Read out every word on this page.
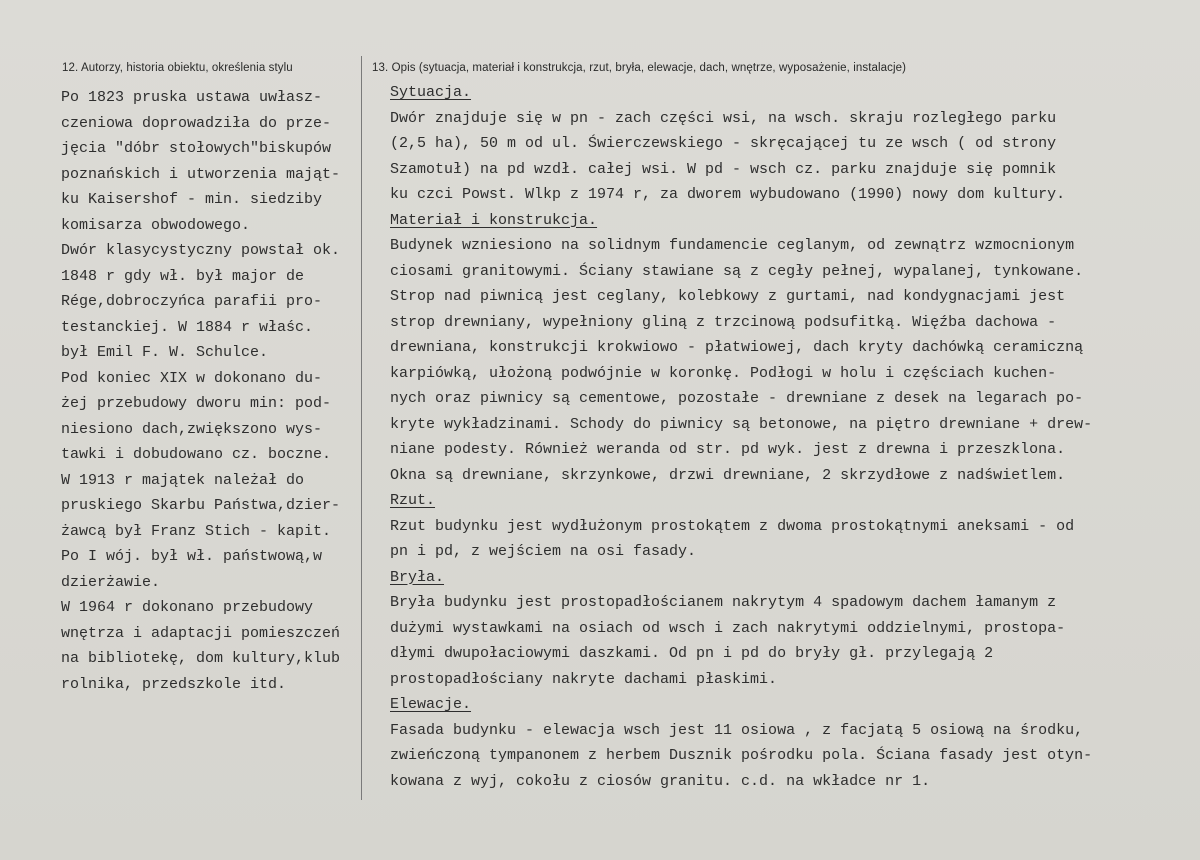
12. Autorzy, historia obiektu, określenia stylu	13. Opis (sytuacja, materiał i konstrukcja, rzut, bryła, elewacje, dach, wnętrze, wyposażenie, instalacje)
Po 1823 pruska ustawa uwłasz-
czeniowa doprowadziła do prze-
jęcia "dóbr stołowych"biskupów
poznańskich i utworzenia mająt-
ku Kaisershof - min. siedziby
komisarza obwodowego.
Dwór klasycystyczny powstał ok.
1848 r gdy wł. był major de
Rége,dobroczyńca parafii pro-
testanckiej. W 1884 r właśc.
był Emil F. W. Schulce.
Pod koniec XIX w dokonano du-
żej przebudowy dworu min: pod-
niesiono dach,zwiększono wys-
tawki i dobudowano cz. boczne.
W 1913 r majątek należał do
pruskiego Skarbu Państwa,dzier-
żawcą był Franz Stich - kapit.
Po I wój. był wł. państwową,w
dzierżawie.
W 1964 r dokonano przebudowy
wnętrza i adaptacji pomieszczeń
na bibliotekę, dom kultury,klub
rolnika, przedszkole itd.
Sytuacja.
Dwór znajduje się w pn - zach części wsi, na wsch. skraju rozległego parku
(2,5 ha), 50 m od ul. Świerczewskiego - skręcającej tu ze wsch ( od strony
Szamotuł) na pd wzdł. całej wsi. W pd - wsch cz. parku znajduje się pomnik
ku czci Powst. Wlkp z 1974 r, za dworem wybudowano (1990) nowy dom kultury.
Materiał i konstrukcja.
Budynek wzniesiono na solidnym fundamencie ceglanym, od zewnątrz wzmocnionym
ciosami granitowymi. Ściany stawiane są z cegły pełnej, wypalanej, tynkowane.
Strop nad piwnicą jest ceglany, kolebkowy z gurtami, nad kondygnacjami jest
strop drewniany, wypełniony gliną z trzcinową podsufitką. Więźba dachowa -
drewniana, konstrukcji krokwiowo - płatwiowej, dach kryty dachówką ceramiczną
karpiówką, ułożoną podwójnie w koronkę. Podłogi w holu i częściach kuchen-
nych oraz piwnicy są cementowe, pozostałe - drewniane z desek na legarach po-
kryte wykładzinami. Schody do piwnicy są betonowe, na piętro drewniane + drew-
niane podesty. Również weranda od str. pd wyk. jest z drewna i przeszklona.
Okna są drewniane, skrzynkowe, drzwi drewniane, 2 skrzydłowe z nadświetlem.
Rzut.
Rzut budynku jest wydłużonym prostokątem z dwoma prostokątnymi aneksami - od
pn i pd, z wejściem na osi fasady.
Bryła.
Bryła budynku jest prostopadłościanem nakrytym 4 spadowym dachem łamanym z
dużymi wystawkami na osiach od wsch i zach nakrytymi oddzielnymi, prostopa-
dłymi dwupołaciowymi daszkami. Od pn i pd do bryły gł. przylegają 2
prostopadłościany nakryte dachami płaskimi.
Elewacje.
Fasada budynku - elewacja wsch jest 11 osiowa , z facjatą 5 osiową na środku,
zwieńczoną tympanonem z herbem Dusznik pośrodku pola. Ściana fasady jest otyn-
kowana z wyj, cokołu z ciosów granitu. c.d. na wkładce nr 1.
